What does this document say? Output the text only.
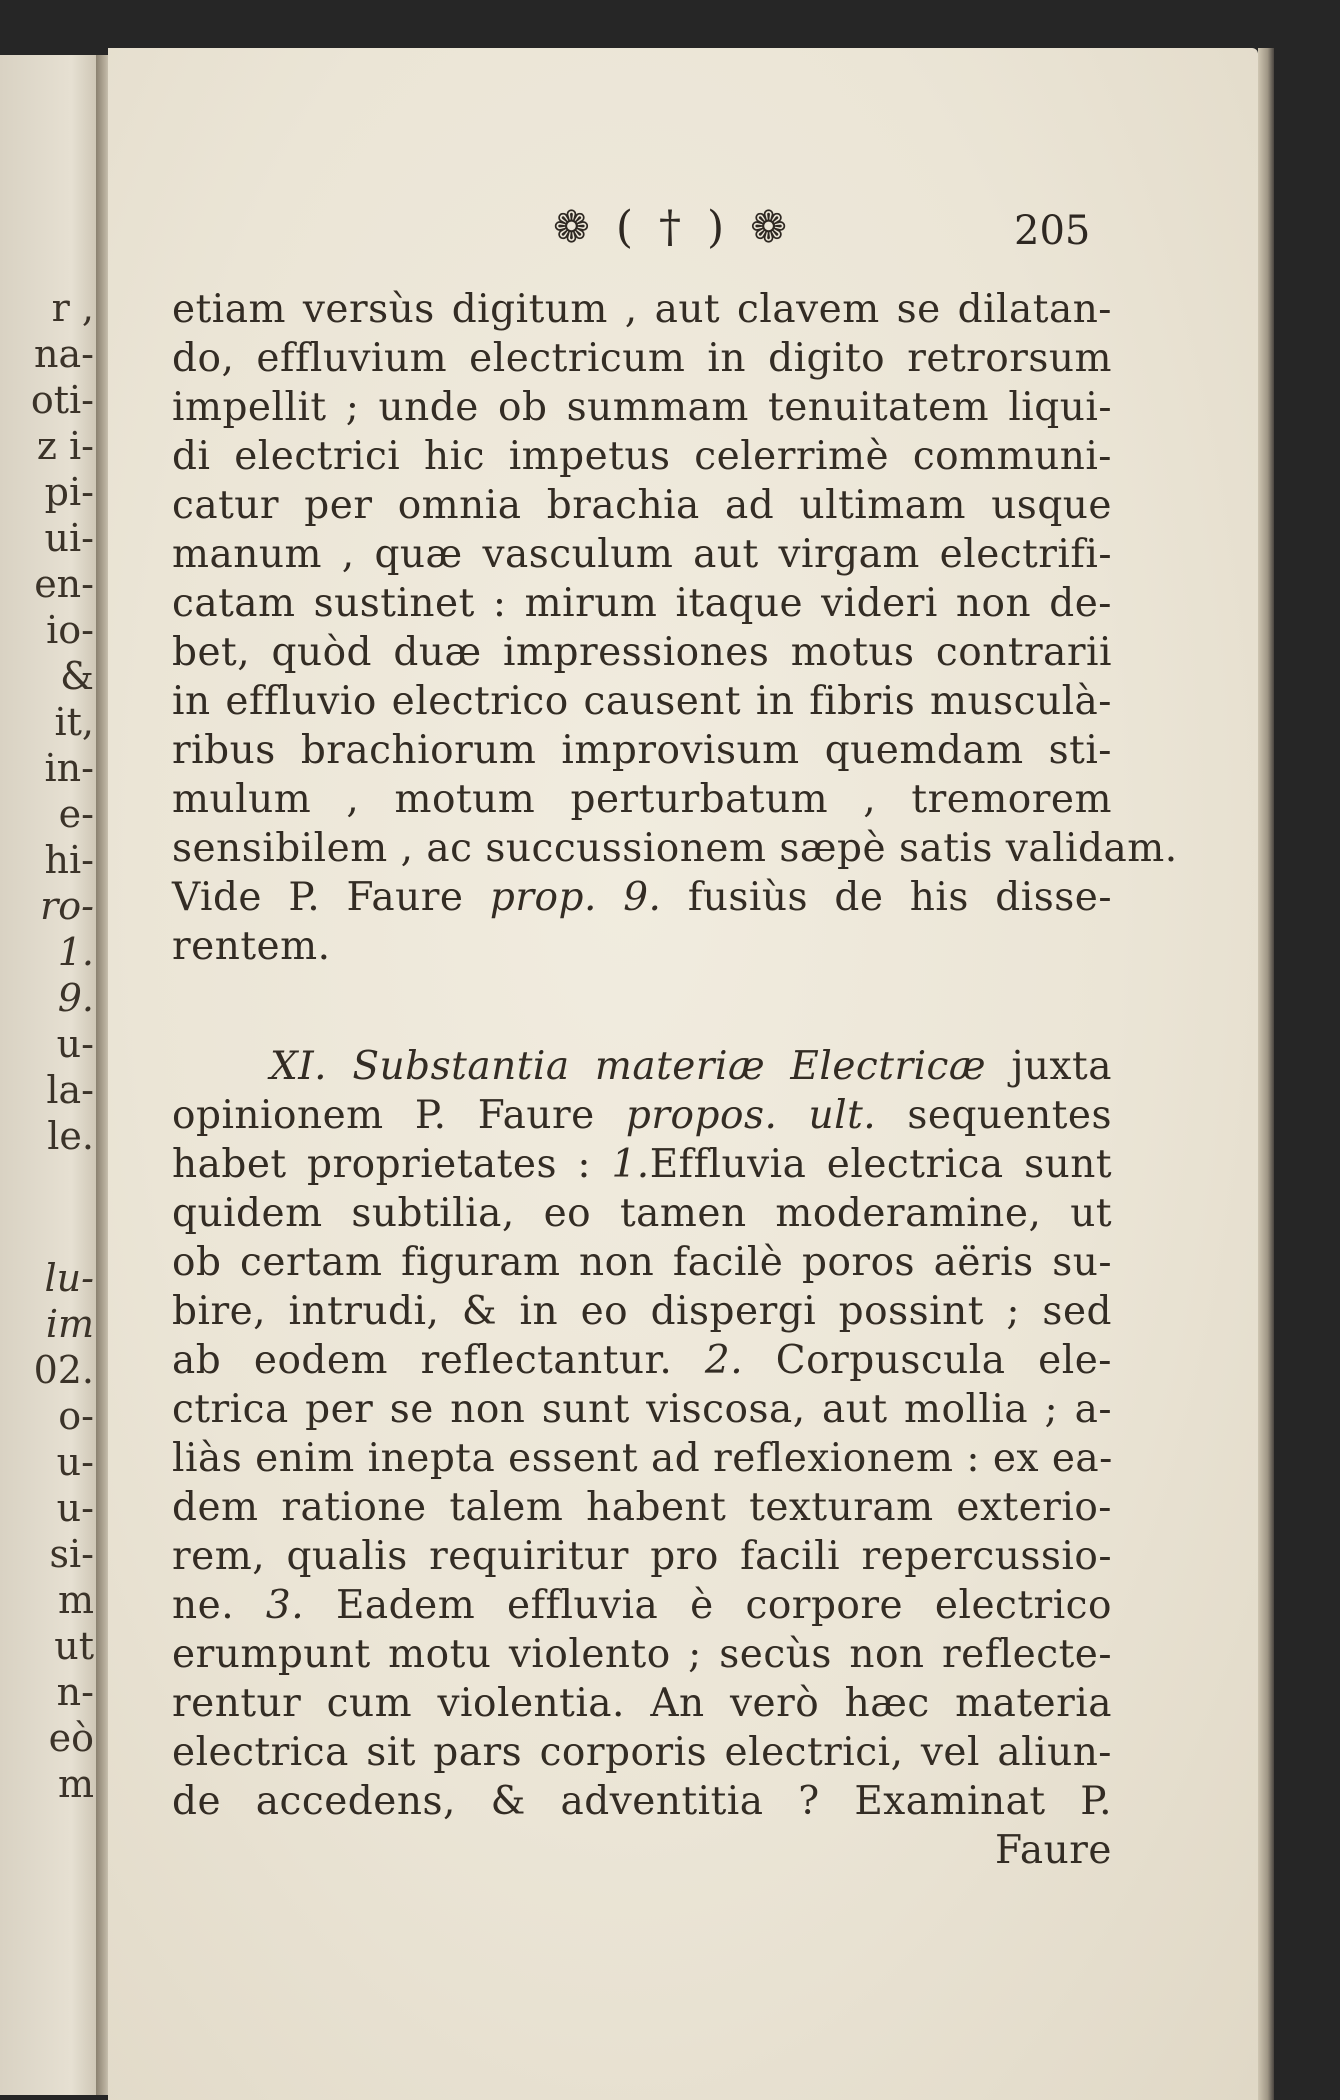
r ,
na-
oti-
z i-
pi-
ui-
en-
io-
&
it,
in-
e-
hi-
ro-
1.
9.
u-
la-
le.
lu-
im
02.
o-
u-
u-
si-
m
ut
n-
eò
m
❁ ( † ) ❁	205
etiam versùs digitum , aut clavem se dilatan-
do, effluvium electricum in digito retrorsum
impellit ; unde ob summam tenuitatem liqui-
di electrici hic impetus celerrimè communi-
catur per omnia brachia ad ultimam usque
manum , quæ vasculum aut virgam electrifi-
catam sustinet : mirum itaque videri non de-
bet, quòd duæ impressiones motus contrarii
in effluvio electrico causent in fibris musculà-
ribus brachiorum improvisum quemdam sti-
mulum , motum perturbatum , tremorem
sensibilem , ac succussionem sæpè satis validam.
Vide P. Faure prop. 9. fusiùs de his disse-
rentem.
XI. Substantia materiæ Electricæ juxta
opinionem P. Faure propos. ult. sequentes
habet proprietates : 1.Effluvia electrica sunt
quidem subtilia, eo tamen moderamine, ut
ob certam figuram non facilè poros aëris su-
bire, intrudi, & in eo dispergi possint ; sed
ab eodem reflectantur. 2. Corpuscula ele-
ctrica per se non sunt viscosa, aut mollia ; a-
liàs enim inepta essent ad reflexionem : ex ea-
dem ratione talem habent texturam exterio-
rem, qualis requiritur pro facili repercussio-
ne. 3. Eadem effluvia è corpore electrico
erumpunt motu violento ; secùs non reflecte-
rentur cum violentia. An verò hæc materia
electrica sit pars corporis electrici, vel aliun-
de accedens, & adventitia ? Examinat P.
Faure
